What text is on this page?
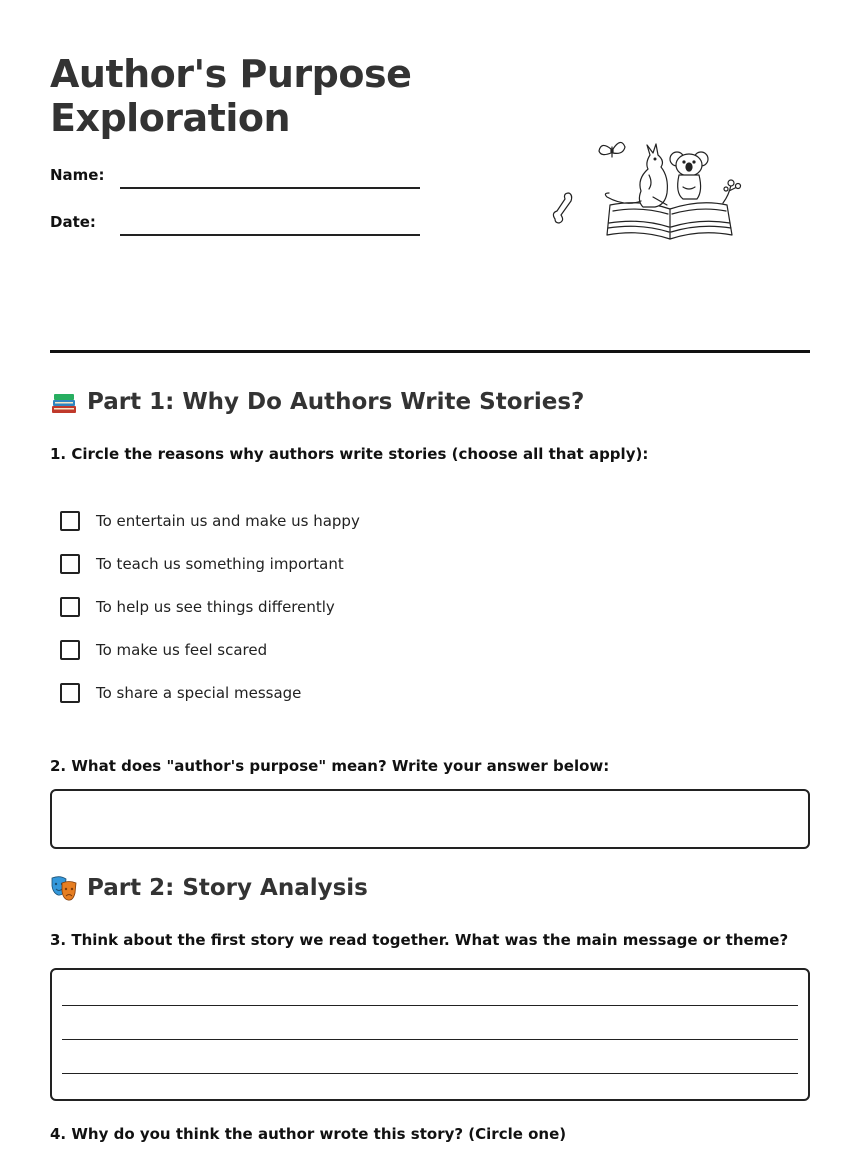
Author's Purpose
Exploration
Name:
Date:
Part 1: Why Do Authors Write Stories?
1. Circle the reasons why authors write stories (choose all that apply):
To entertain us and make us happy
To teach us something important
To help us see things differently
To make us feel scared
To share a special message
2. What does "author's purpose" mean? Write your answer below:
Part 2: Story Analysis
3. Think about the first story we read together. What was the main message or theme?
4. Why do you think the author wrote this story? (Circle one)
